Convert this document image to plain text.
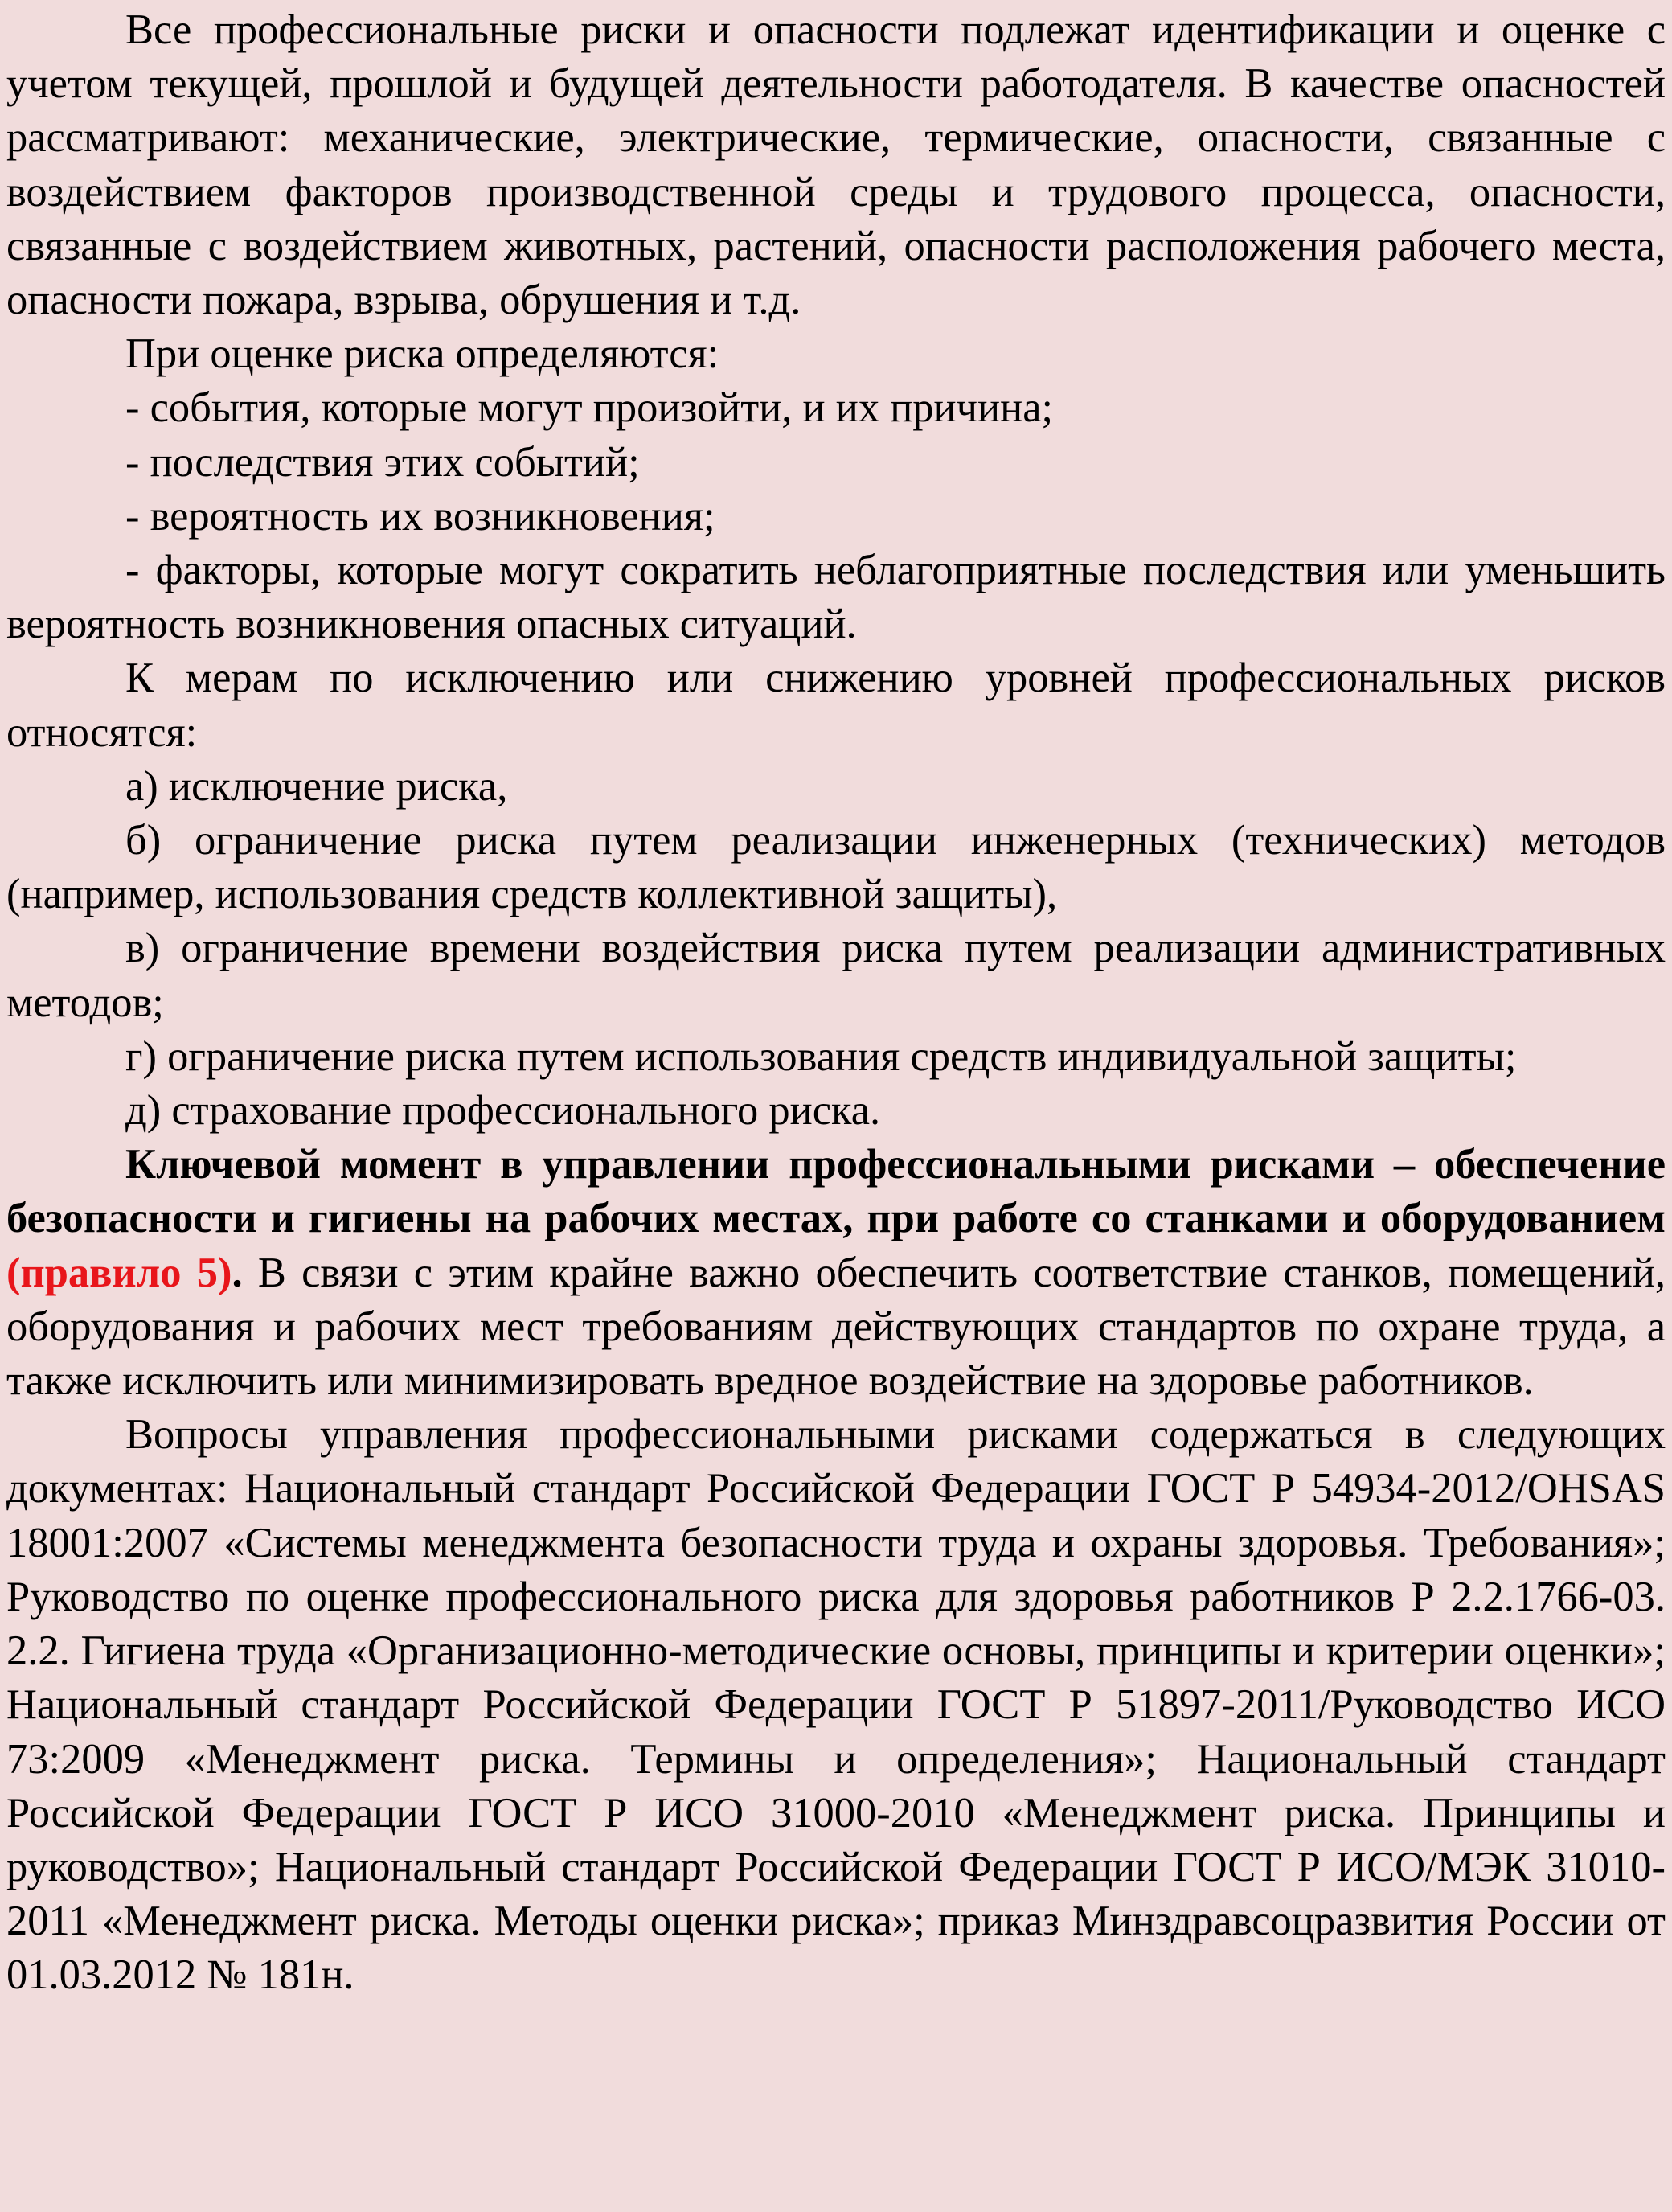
Все профессиональные риски и опасности подлежат идентификации и оценке с учетом текущей, прошлой и будущей деятельности работодателя. В качестве опасностей рассматривают: механические, электрические, термические, опасности, связанные с воздействием факторов производственной среды и трудового процесса, опасности, связанные с воздействием животных, растений, опасности расположения рабочего места, опасности пожара, взрыва, обрушения и т.д.

При оценке риска определяются:

- события, которые могут произойти, и их причина;

- последствия этих событий;

- вероятность их возникновения;

- факторы, которые могут сократить неблагоприятные последствия или уменьшить вероятность возникновения опасных ситуаций.

К мерам по исключению или снижению уровней профессиональных рисков относятся:

а) исключение риска,

б) ограничение риска путем реализации инженерных (технических) методов (например, использования средств коллективной защиты),

в) ограничение времени воздействия риска путем реализации административных методов;

г) ограничение риска путем использования средств индивидуальной защиты;

д) страхование профессионального риска.

Ключевой момент в управлении профессиональными рисками – обеспечение безопасности и гигиены на рабочих местах, при работе со станками и оборудованием (правило 5). В связи с этим крайне важно обеспечить соответствие станков, помещений, оборудования и рабочих мест требованиям действующих стандартов по охране труда, а также исключить или минимизировать вредное воздействие на здоровье работников.

Вопросы управления профессиональными рисками содержаться в следующих документах: Национальный стандарт Российской Федерации ГОСТ Р 54934-2012/OHSAS 18001:2007 «Системы менеджмента безопасности труда и охраны здоровья. Требования»; Руководство по оценке профессионального риска для здоровья работников Р 2.2.1766-03. 2.2. Гигиена труда «Организационно-методические основы, принципы и критерии оценки»; Национальный стандарт Российской Федерации ГОСТ Р 51897-2011/Руководство ИСО 73:2009 «Менеджмент риска. Термины и определения»; Национальный стандарт Российской Федерации ГОСТ Р ИСО 31000-2010 «Менеджмент риска. Принципы и руководство»; Национальный стандарт Российской Федерации ГОСТ Р ИСО/МЭК 31010-2011 «Менеджмент риска. Методы оценки риска»; приказ Минздравсоцразвития России от 01.03.2012 № 181н.
